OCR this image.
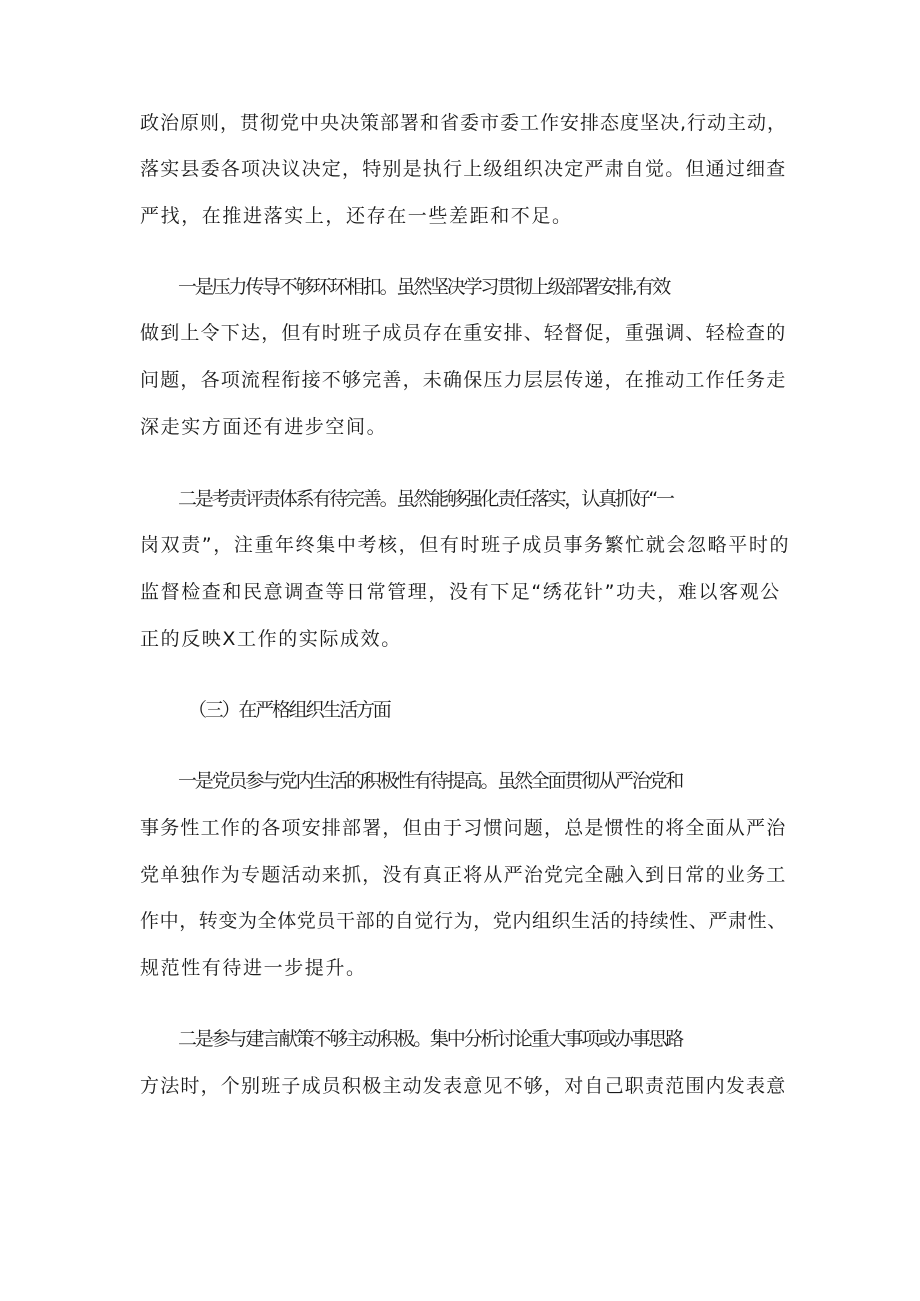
政治原则，贯彻党中央决策部署和省委市委工作安排态度坚决,行动主动，
落实县委各项决议决定，特别是执行上级组织决定严肃自觉。但通过细查
严找，在推进落实上，还存在一些差距和不足。
一是压力传导不够环环相扣。虽然坚决学习贯彻上级部署安排,有效
做到上令下达，但有时班子成员存在重安排、轻督促，重强调、轻检查的
问题，各项流程衔接不够完善，未确保压力层层传递，在推动工作任务走
深走实方面还有进步空间。
二是考责评责体系有待完善。虽然能够强化责任落实，认真抓好“一
岗双责”，注重年终集中考核，但有时班子成员事务繁忙就会忽略平时的
监督检查和民意调查等日常管理，没有下足“绣花针”功夫，难以客观公
正的反映X工作的实际成效。
（三）在严格组织生活方面
一是党员参与党内生活的积极性有待提高。虽然全面贯彻从严治党和
事务性工作的各项安排部署，但由于习惯问题，总是惯性的将全面从严治
党单独作为专题活动来抓，没有真正将从严治党完全融入到日常的业务工
作中，转变为全体党员干部的自觉行为，党内组织生活的持续性、严肃性、
规范性有待进一步提升。
二是参与建言献策不够主动积极。集中分析讨论重大事项或办事思路
方法时，个别班子成员积极主动发表意见不够，对自己职责范围内发表意
